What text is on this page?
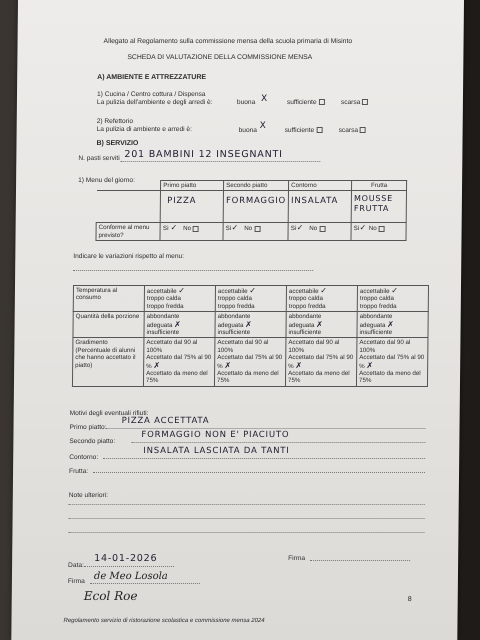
Allegato al Regolamento sulla commissione mensa della scuola primaria di Misinto
SCHEDA DI VALUTAZIONE DELLA COMMISSIONE MENSA
A) AMBIENTE E ATTREZZATURE
1) Cucina / Centro cottura / Dispensa
La pulizia dell'ambiente e degli arredi è:	buona X	sufficiente	scarsa
2) Refettorio
La pulizia di ambiente e arredi è:	buona X	sufficiente	scarsa
B) SERVIZIO
N. pasti serviti 201 BAMBINI 12 INSEGNANTI
1) Menu del giorno:
	Primo piatto	Secondo piatto	Contorno	Frutta

	PIZZA	FORMAGGIO	INSALATA	MOUSSE
FRUTTA

Conforme al menu previsto?	Sì ✓ No	Sì✓ No	Sì✓ No	Sì✓ No
Indicare le variazioni rispetto al menu:
Temperatura al consumo	accettabile ✓
troppo calda
troppo fredda	accettabile ✓
troppo calda
troppo fredda	accettabile ✓
troppo calda
troppo fredda	accettabile ✓
troppo calda
troppo fredda
Quantità della porzione	abbondante
adeguata ✗
insufficiente	abbondante
adeguata ✗
insufficiente	abbondante
adeguata ✗
insufficiente	abbondante
adeguata ✗
insufficiente
Gradimento (Percentuale di alunni che hanno accettato il piatto)	Accettato dal 90 al 100%
Accettato dal 75% al 90 % ✗
Accettato da meno del 75%	Accettato dal 90 al 100%
Accettato dal 75% al 90 % ✗
Accettato da meno del 75%	Accettato dal 90 al 100%
Accettato dal 75% al 90 % ✗
Accettato da meno del 75%	Accettato dal 90 al 100%
Accettato dal 75% al 90 % ✗
Accettato da meno del 75%
Motivi degli eventuali rifiuti:
Primo piatto:
PIZZA ACCETTATA
Secondo piatto:
FORMAGGIO NON E' PIACIUTO
Contorno:
INSALATA LASCIATA DA TANTI
Frutta:
Note ulteriori:
Data:
14-01-2026	Firma
Firma de Meo Losola
Ecol Roe	8
Regolamento servizio di ristorazione scolastica e commissione mensa 2024
